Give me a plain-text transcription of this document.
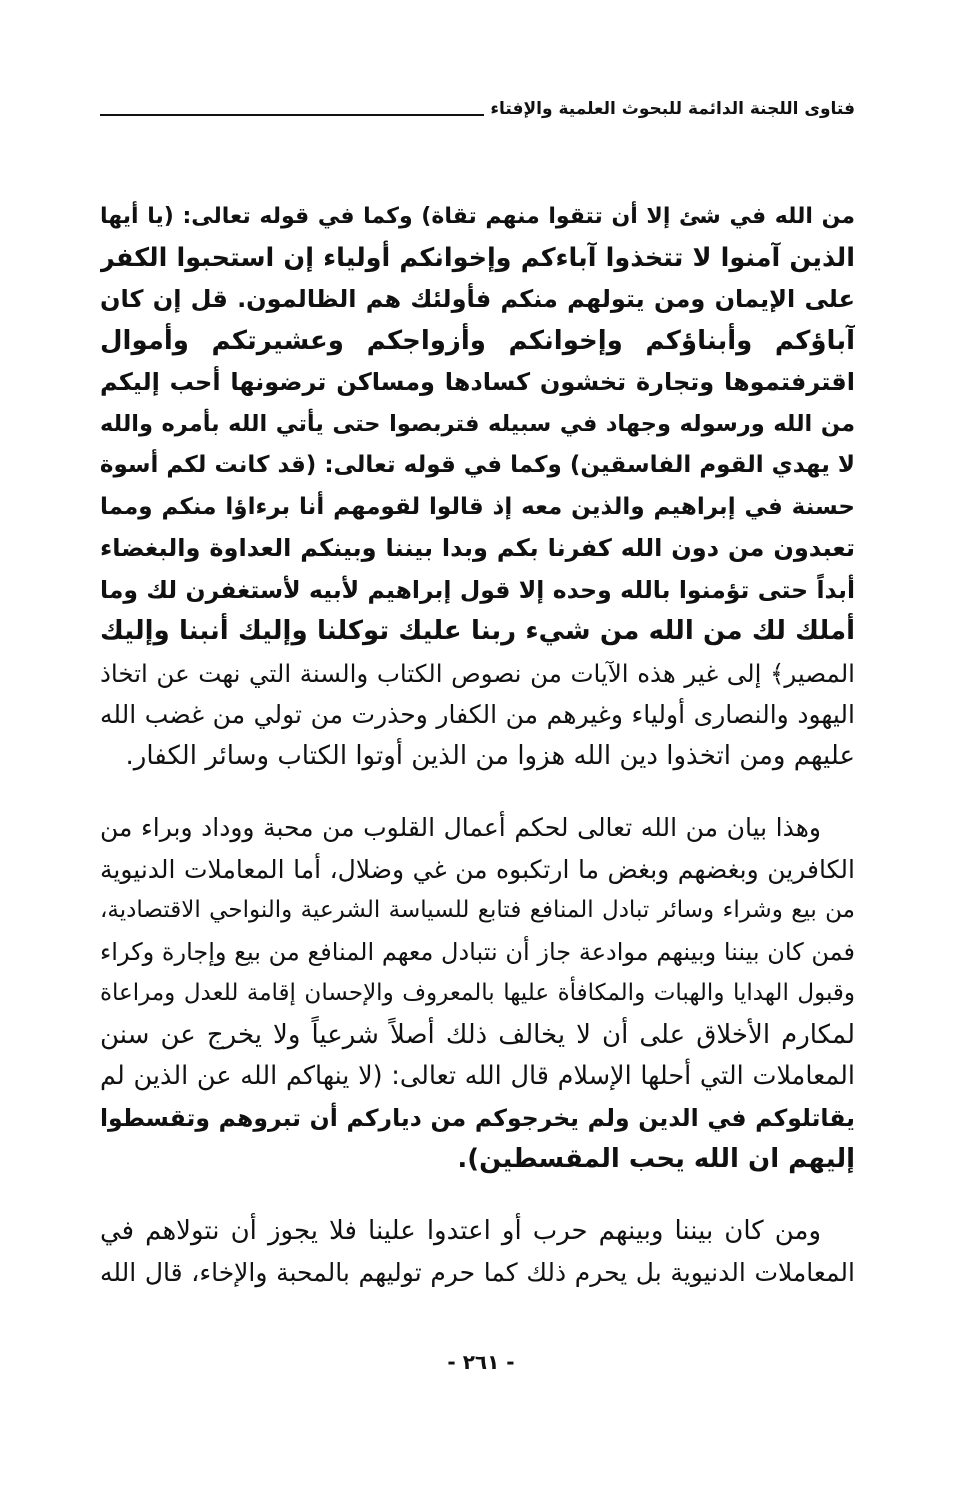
فتاوى اللجنة الدائمة للبحوث العلمية والإفتاء
من الله في شئ إلا أن تتقوا منهم تقاة) وكما في قوله تعالى: (يا أيها
الذين آمنوا لا تتخذوا آباءكم وإخوانكم أولياء إن استحبوا الكفر
على الإيمان ومن يتولهم منكم فأولئك هم الظالمون. قل إن كان
آباؤكم وأبناؤكم وإخوانكم وأزواجكم وعشيرتكم وأموال
اقترفتموها وتجارة تخشون كسادها ومساكن ترضونها أحب إليكم
من الله ورسوله وجهاد في سبيله فتربصوا حتى يأتي الله بأمره والله
لا يهدي القوم الفاسقين) وكما في قوله تعالى: (قد كانت لكم أسوة
حسنة في إبراهيم والذين معه إذ قالوا لقومهم أنا برءاؤا منكم ومما
تعبدون من دون الله كفرنا بكم وبدا بيننا وبينكم العداوة والبغضاء
أبداً حتى تؤمنوا بالله وحده إلا قول إبراهيم لأبيه لأستغفرن لك وما
أملك لك من الله من شيء ربنا عليك توكلنا وإليك أنبنا وإليك
المصير﴾ إلى غير هذه الآيات من نصوص الكتاب والسنة التي نهت عن اتخاذ
اليهود والنصارى أولياء وغيرهم من الكفار وحذرت من تولي من غضب الله
عليهم ومن اتخذوا دين الله هزوا من الذين أوتوا الكتاب وسائر الكفار.
وهذا بيان من الله تعالى لحكم أعمال القلوب من محبة ووداد وبراء من
الكافرين وبغضهم وبغض ما ارتكبوه من غي وضلال، أما المعاملات الدنيوية
من بيع وشراء وسائر تبادل المنافع فتابع للسياسة الشرعية والنواحي الاقتصادية،
فمن كان بيننا وبينهم موادعة جاز أن نتبادل معهم المنافع من بيع وإجارة وكراء
وقبول الهدايا والهبات والمكافأة عليها بالمعروف والإحسان إقامة للعدل ومراعاة
لمكارم الأخلاق على أن لا يخالف ذلك أصلاً شرعياً ولا يخرج عن سنن
المعاملات التي أحلها الإسلام قال الله تعالى: (لا ينهاكم الله عن الذين لم
يقاتلوكم في الدين ولم يخرجوكم من دياركم أن تبروهم وتقسطوا
إليهم ان الله يحب المقسطين).
ومن كان بيننا وبينهم حرب أو اعتدوا علينا فلا يجوز أن نتولاهم في
المعاملات الدنيوية بل يحرم ذلك كما حرم توليهم بالمحبة والإخاء، قال الله
- ٢٦١ -
